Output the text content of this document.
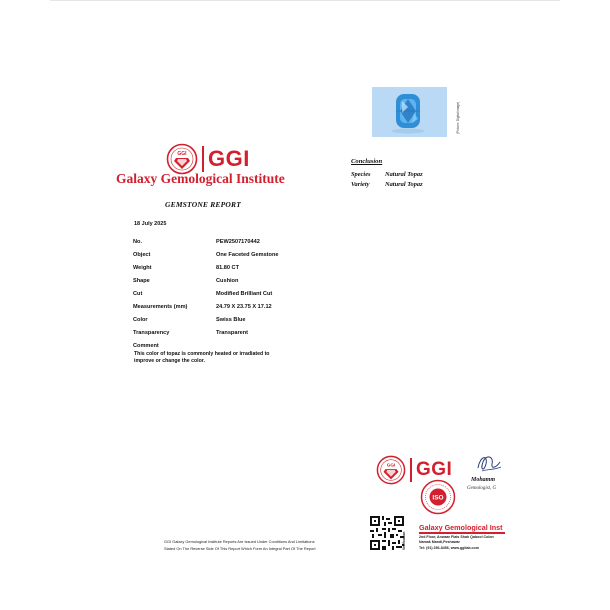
(Picture: Digital image)
GGI GGI
Galaxy Gemological Institute
GEMSTONE REPORT
18 July 2025
No.	PEW2507170442
Object	One Faceted Gemstone
Weight	81.80 CT
Shape	Cushion
Cut	Modified Brilliant Cut
Measurements (mm)	24.79 X 23.75 X 17.12
Color	Swiss Blue
Transparency	Transparent
Comment	
This color of topaz is commonly heated or irradiated to improve or change the color.
Conclusion
Species Natural Topaz
Variety Natural Topaz
GGI Galaxy Gemological Institute Reports Are Issued Under Conditions And Limitations
Stated On The Reverse Side Of This Report Which Form An Integral Part Of The Report
GGI GGI	Mohamm
Gemologist, G
ISO
Verification
Galaxy Gemological Inst
2nd Floor, Anwaar Flats Shah Qabool Colon
Namak Mandi,Peshawar
Tel: (91) 256-8456, www.ggilab.com
